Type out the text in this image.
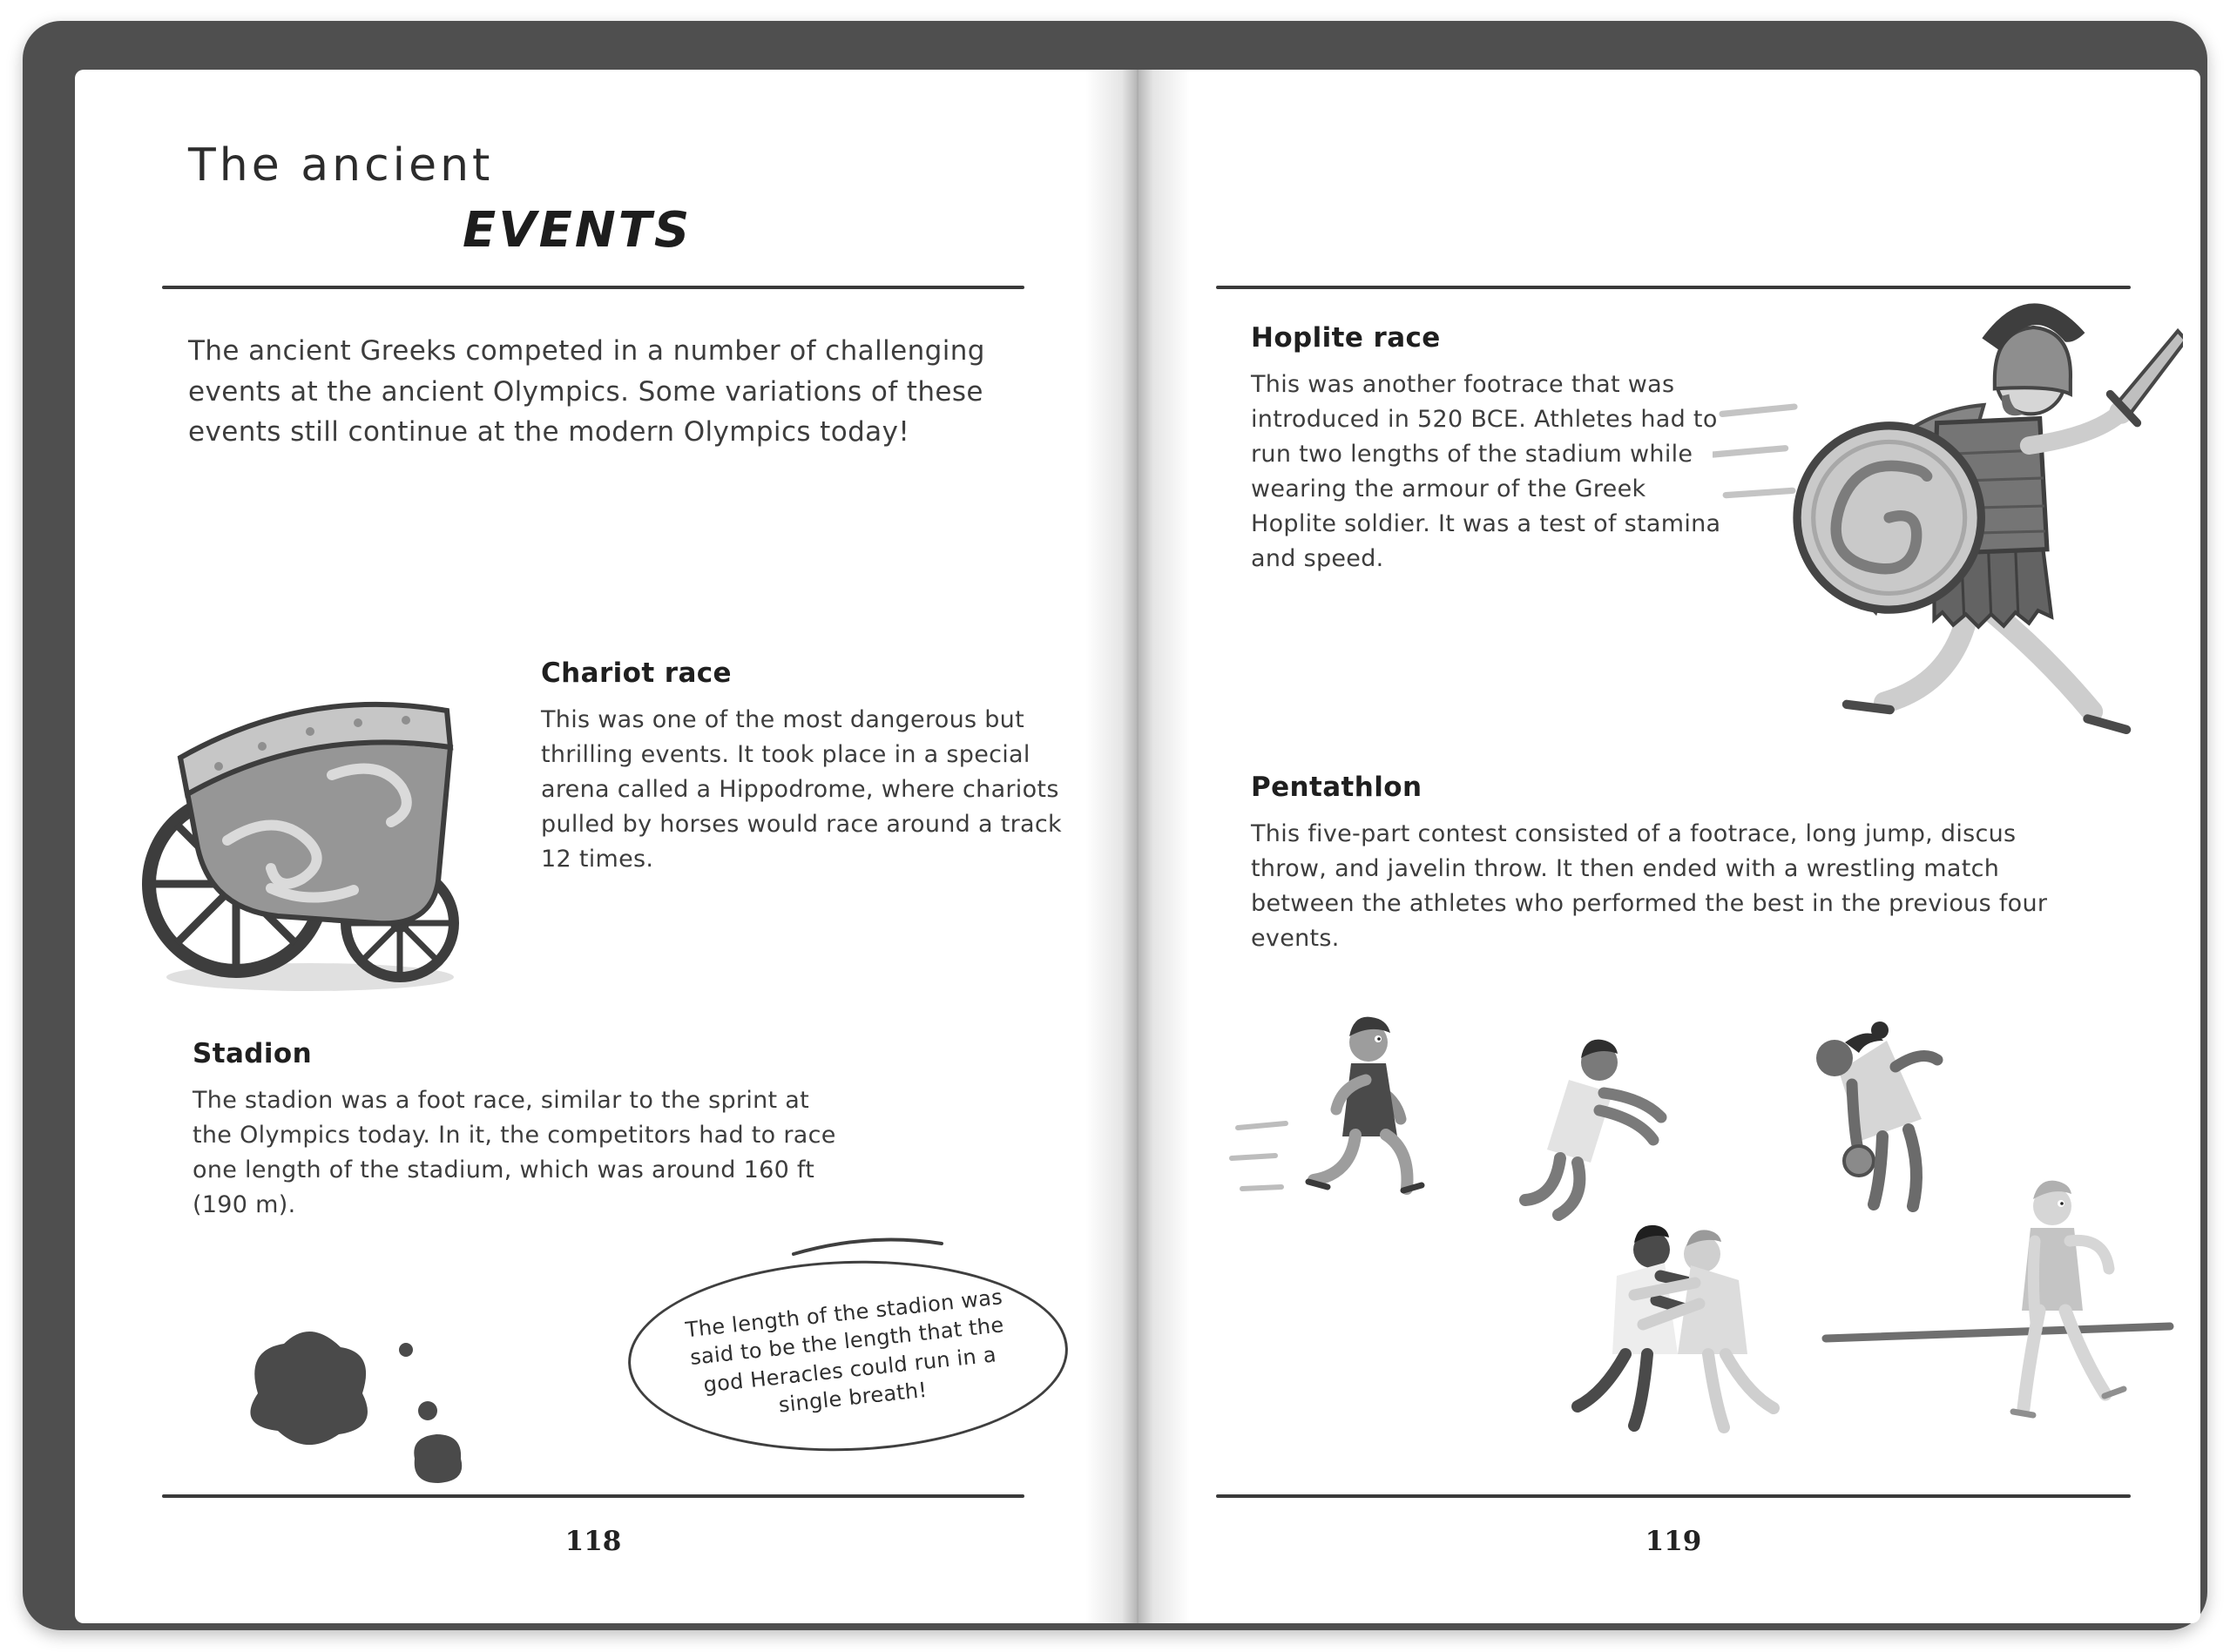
The ancient
EVENTS
The ancient Greeks competed in a number of challenging events at the ancient Olympics. Some variations of these events still continue at the modern Olympics today!
Chariot race
This was one of the most dangerous but thrilling events. It took place in a special arena called a Hippodrome, where chariots pulled by horses would race around a track 12 times.
Stadion
The stadion was a foot race, similar to the sprint at the Olympics today. In it, the competitors had to race one length of the stadium, which was around 160 ft (190 m).
The length of the stadion was said to be the length that the god Heracles could run in a single breath!
118
Hoplite race
This was another footrace that was introduced in 520 BCE. Athletes had to run two lengths of the stadium while wearing the armour of the Greek Hoplite soldier. It was a test of stamina and speed.
Pentathlon
This five-part contest consisted of a footrace, long jump, discus throw, and javelin throw. It then ended with a wrestling match between the athletes who performed the best in the previous four events.
119
